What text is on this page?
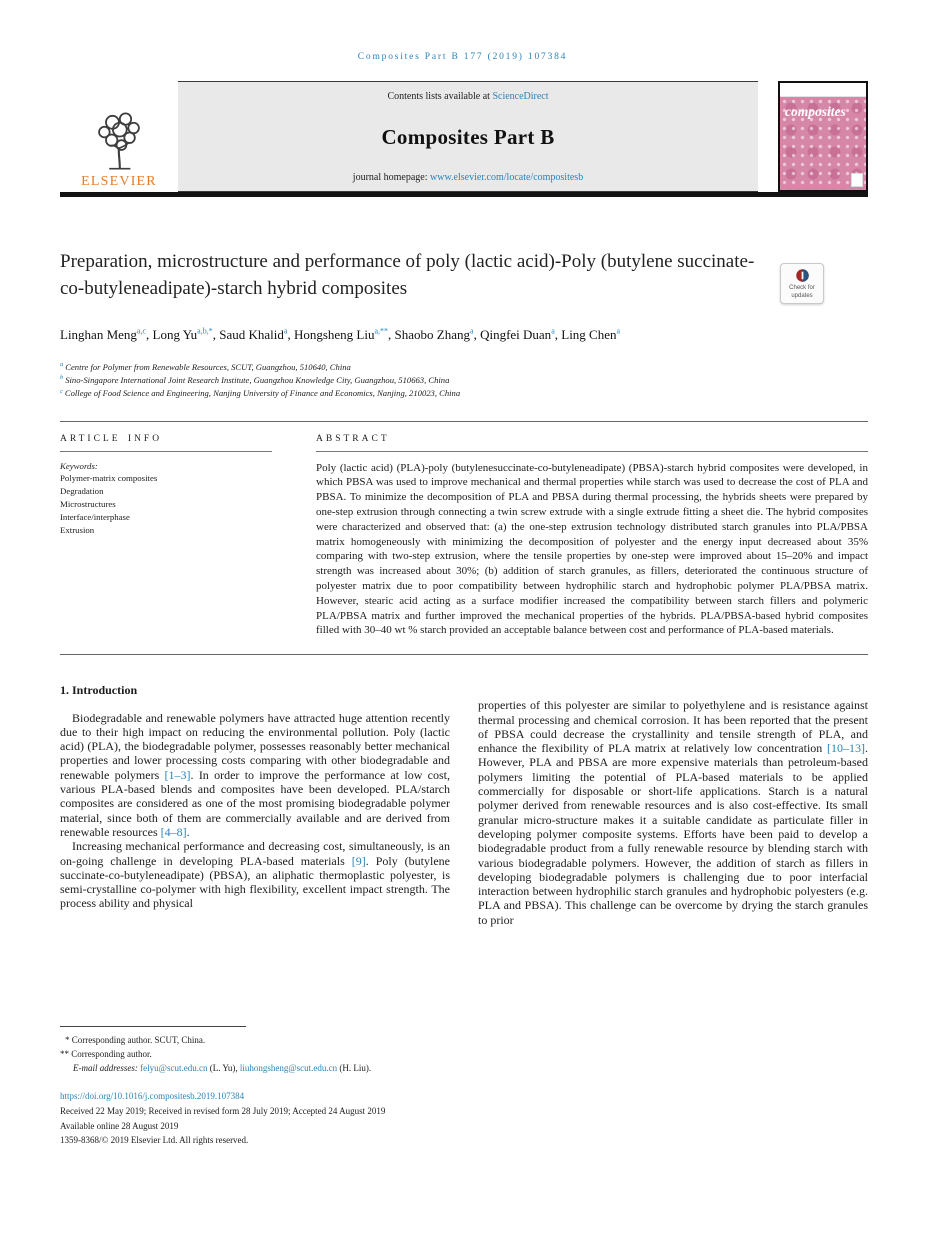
Composites Part B 177 (2019) 107384
ELSEVIER
Contents lists available at ScienceDirect
Composites Part B
journal homepage: www.elsevier.com/locate/compositesb
composites
Preparation, microstructure and performance of poly (lactic acid)-Poly (butylene succinate-co-butyleneadipate)-starch hybrid composites	Check for
updates
Linghan Meng$^{a,c}$, Long $Yu^{a,b,*}$, Saud Khalid$^a$, Hongsheng Liu$^{a,**}$, Shaobo Zhang$^a$, Qingfei Duan$^a$, Ling Chen$^a$
$^a$ Centre for Polymer from Renewable Resources, SCUT, Guangzhou, 510640, China
$^b$ Sino-Singapore International Joint Research Institute, Guangzhou Knowledge City, Guangzhou, 510663, China
$^c$ College of Food Science and Engineering, Nanjing University of Finance and Economics, Nanjing, 210023, China
ARTICLE INFO
Keywords:
Polymer-matrix composites
Degradation
Microstructures
Interface/interphase
Extrusion
ABSTRACT
Poly (lactic acid) (PLA)-poly (butylenesuccinate-co-butyleneadipate) (PBSA)-starch hybrid composites were developed, in which PBSA was used to improve mechanical and thermal properties while starch was used to decrease the cost of PLA and PBSA. To minimize the decomposition of PLA and PBSA during thermal processing, the hybrids sheets were prepared by one-step extrusion through connecting a twin screw extrude with a single extrude fitting a sheet die. The hybrid composites were characterized and observed that: (a) the one-step extrusion technology distributed starch granules into PLA/PBSA matrix homogeneously with minimizing the decomposition of polyester and the energy input decreased about 35% comparing with two-step extrusion, where the tensile properties by one-step were improved about 15–20% and impact strength was increased about 30%; (b) addition of starch granules, as fillers, deteriorated the continuous structure of polyester matrix due to poor compatibility between hydrophilic starch and hydrophobic polymer PLA/PBSA matrix. However, stearic acid acting as a surface modifier increased the compatibility between starch fillers and polymeric PLA/PBSA matrix and further improved the mechanical properties of the hybrids. PLA/PBSA-based hybrid composites filled with 30–40 wt % starch provided an acceptable balance between cost and performance of PLA-based materials.
1. Introduction

Biodegradable and renewable polymers have attracted huge attention recently due to their high impact on reducing the environmental pollution. Poly (lactic acid) (PLA), the biodegradable polymer, possesses reasonably better mechanical properties and lower processing costs comparing with other biodegradable and renewable polymers [1–3]. In order to improve the performance at low cost, various PLA-based blends and composites have been developed. PLA/starch composites are considered as one of the most promising biodegradable polymer material, since both of them are commercially available and are derived from renewable resources [4–8].

Increasing mechanical performance and decreasing cost, simultaneously, is an on-going challenge in developing PLA-based materials [9]. Poly (butylene succinate-co-butyleneadipate) (PBSA), an aliphatic thermoplastic polyester, is semi-crystalline co-polymer with high flexibility, excellent impact strength. The process ability and physical

properties of this polyester are similar to polyethylene and is resistance against thermal processing and chemical corrosion. It has been reported that the present of PBSA could decrease the crystallinity and tensile strength of PLA, and enhance the flexibility of PLA matrix at relatively low concentration [10–13]. However, PLA and PBSA are more expensive materials than petroleum-based polymers limiting the potential of PLA-based materials to be applied commercially for disposable or short-life applications. Starch is a natural polymer derived from renewable resources and is also cost-effective. Its small granular micro-structure makes it a suitable candidate as particulate filler in developing polymer composite systems. Efforts have been paid to develop a biodegradable product from a fully renewable resource by blending starch with various biodegradable polymers. However, the addition of starch as fillers in developing biodegradable polymers is challenging due to poor interfacial interaction between hydrophilic starch granules and hydrophobic polyesters (e.g. PLA and PBSA). This challenge can be overcome by drying the starch granules to prior

* Corresponding author. SCUT, China.
** Corresponding author.
E-mail addresses: felyu@scut.edu.cn (L. Yu), liuhongsheng@scut.edu.cn (H. Liu).
https://doi.org/10.1016/j.compositesb.2019.107384
Received 22 May 2019; Received in revised form 28 July 2019; Accepted 24 August 2019
Available online 28 August 2019
1359-8368/© 2019 Elsevier Ltd. All rights reserved.
